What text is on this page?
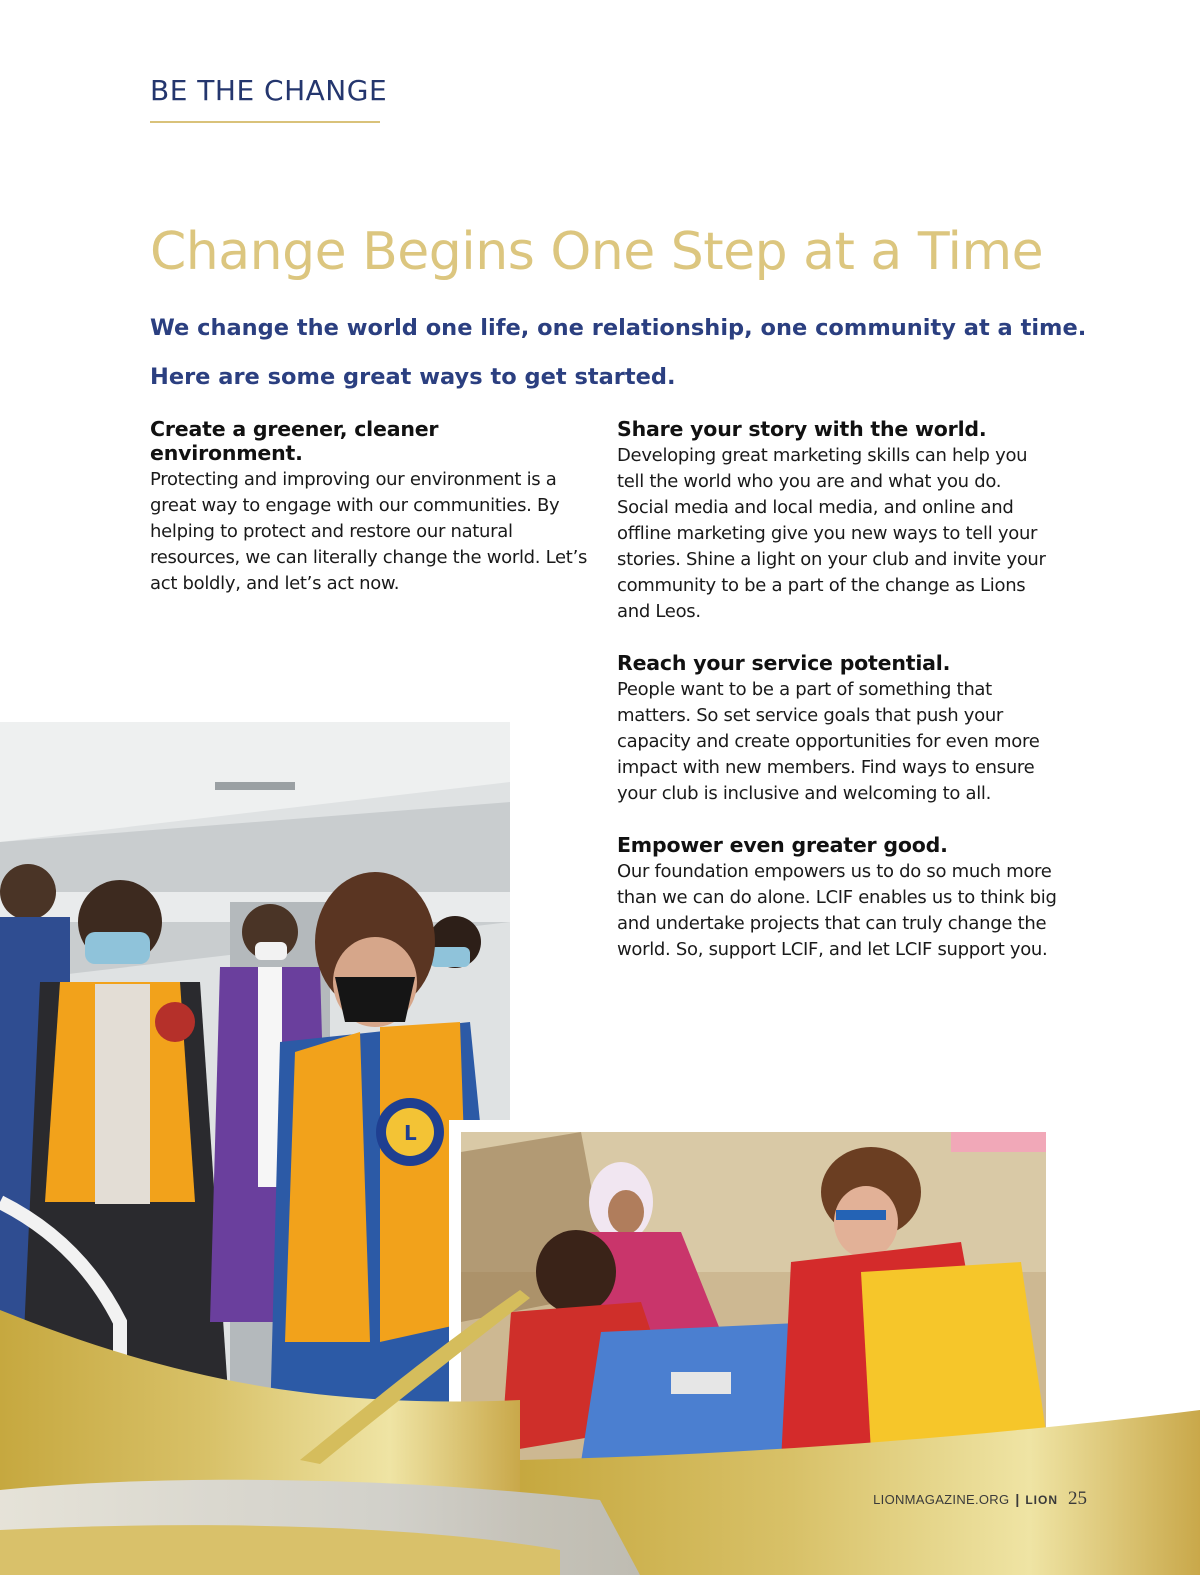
BE THE CHANGE
Change Begins One Step at a Time

We change the world one life, one relationship, one community at a time.

Here are some great ways to get started.

Create a greener, cleaner environment.

Protecting and improving our environment is a great way to engage with our communities. By helping to protect and restore our natural resources, we can literally change the world. Let’s act boldly, and let’s act now.

Share your story with the world.

Developing great marketing skills can help you tell the world who you are and what you do. Social media and local media, and online and offline marketing give you new ways to tell your stories. Shine a light on your club and invite your community to be a part of the change as Lions and Leos.

Reach your service potential.

People want to be a part of something that matters. So set service goals that push your capacity and create opportunities for even more impact with new members. Find ways to ensure your club is inclusive and welcoming to all.

Empower even greater good.

Our foundation empowers us to do so much more than we can do alone. LCIF enables us to think big and undertake projects that can truly change the world. So, support LCIF, and let LCIF support you.

L
LIONMAGAZINE.ORG | LION 25
